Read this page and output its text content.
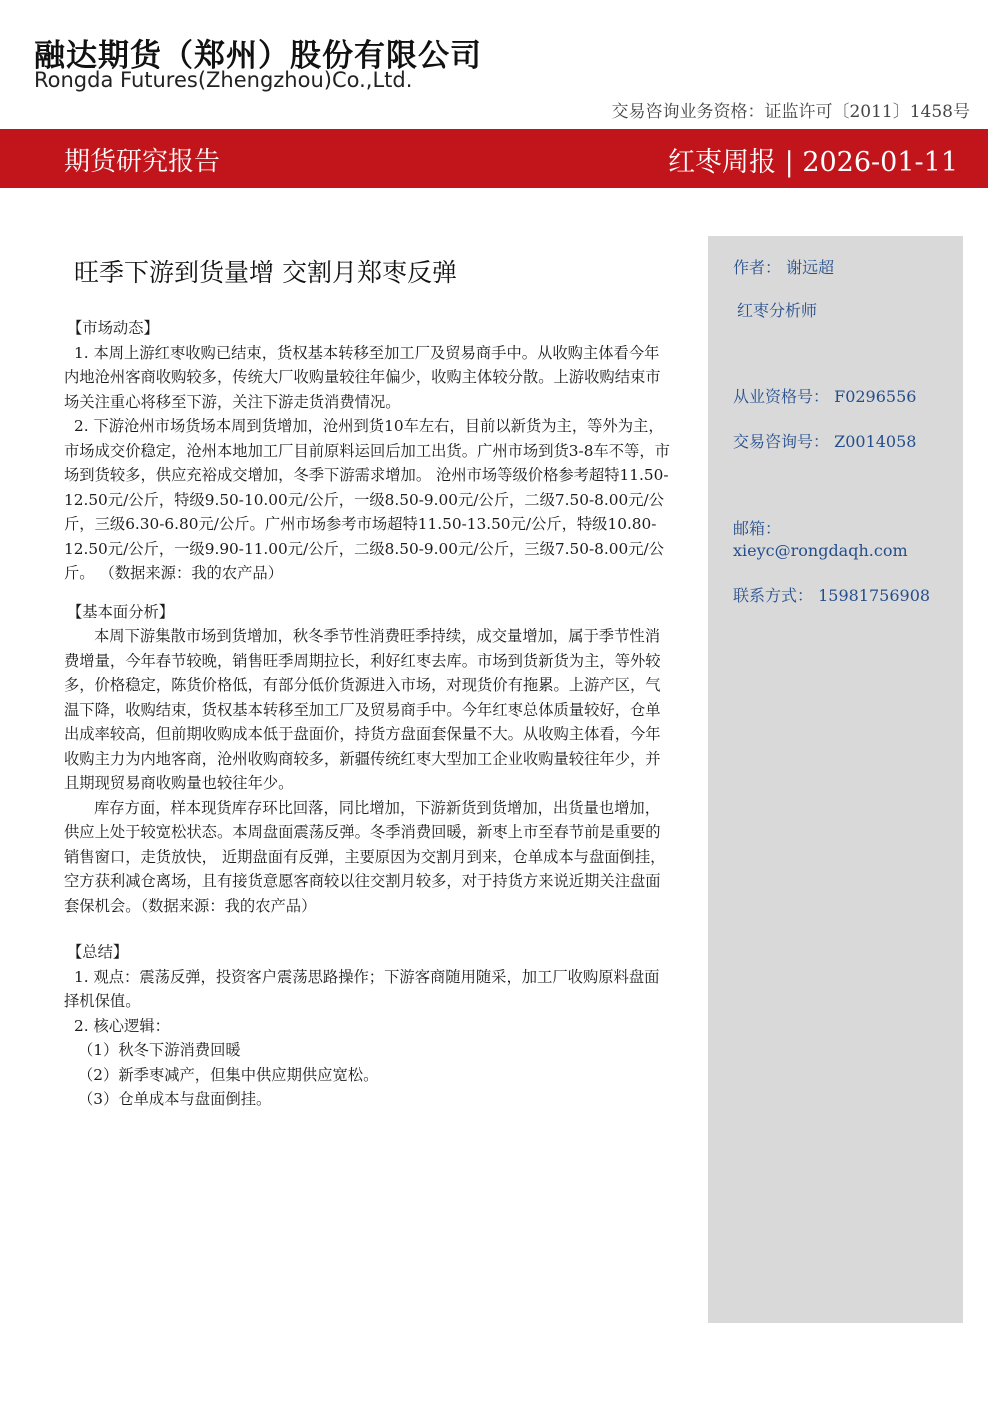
融达期货（郑州）股份有限公司
Rongda Futures(Zhengzhou)Co.,Ltd.
交易咨询业务资格：证监许可〔2011〕1458号
期货研究报告	红枣周报 | 2026-01-11
旺季下游到货量增 交割月郑枣反弹	作者： 谢远超
红枣分析师
从业资格号： F0296556
交易咨询号： Z0014058
邮箱：
xieyc@rongdaqh.com
联系方式： 15981756908

【市场动态】

1. 本周上游红枣收购已结束，货权基本转移至加工厂及贸易商手中。从收购主体看今年内地沧州客商收购较多，传统大厂收购量较往年偏少，收购主体较分散。上游收购结束市场关注重心将移至下游，关注下游走货消费情况。

2. 下游沧州市场货场本周到货增加，沧州到货10车左右，目前以新货为主，等外为主，市场成交价稳定，沧州本地加工厂目前原料运回后加工出货。广州市场到货3-8车不等，市场到货较多，供应充裕成交增加，冬季下游需求增加。 沧州市场等级价格参考超特11.50-12.50元/公斤，特级9.50-10.00元/公斤，一级8.50-9.00元/公斤，二级7.50-8.00元/公斤，三级6.30-6.80元/公斤。广州市场参考市场超特11.50-13.50元/公斤，特级10.80-12.50元/公斤，一级9.90-11.00元/公斤，二级8.50-9.00元/公斤，三级7.50-8.00元/公斤。 （数据来源：我的农产品）

【基本面分析】

本周下游集散市场到货增加，秋冬季节性消费旺季持续，成交量增加，属于季节性消费增量，今年春节较晚，销售旺季周期拉长，利好红枣去库。市场到货新货为主，等外较多，价格稳定，陈货价格低，有部分低价货源进入市场，对现货价有拖累。上游产区，气温下降，收购结束，货权基本转移至加工厂及贸易商手中。今年红枣总体质量较好，仓单出成率较高，但前期收购成本低于盘面价，持货方盘面套保量不大。从收购主体看，今年收购主力为内地客商，沧州收购商较多，新疆传统红枣大型加工企业收购量较往年少，并且期现贸易商收购量也较往年少。

库存方面，样本现货库存环比回落，同比增加，下游新货到货增加，出货量也增加，供应上处于较宽松状态。本周盘面震荡反弹。冬季消费回暖，新枣上市至春节前是重要的销售窗口，走货放快， 近期盘面有反弹，主要原因为交割月到来，仓单成本与盘面倒挂，空方获利减仓离场，且有接货意愿客商较以往交割月较多，对于持货方来说近期关注盘面套保机会。（数据来源：我的农产品）

【总结】

1. 观点：震荡反弹，投资客户震荡思路操作；下游客商随用随采，加工厂收购原料盘面择机保值。

2. 核心逻辑：

（1）秋冬下游消费回暖

（2）新季枣减产，但集中供应期供应宽松。

（3）仓单成本与盘面倒挂。
